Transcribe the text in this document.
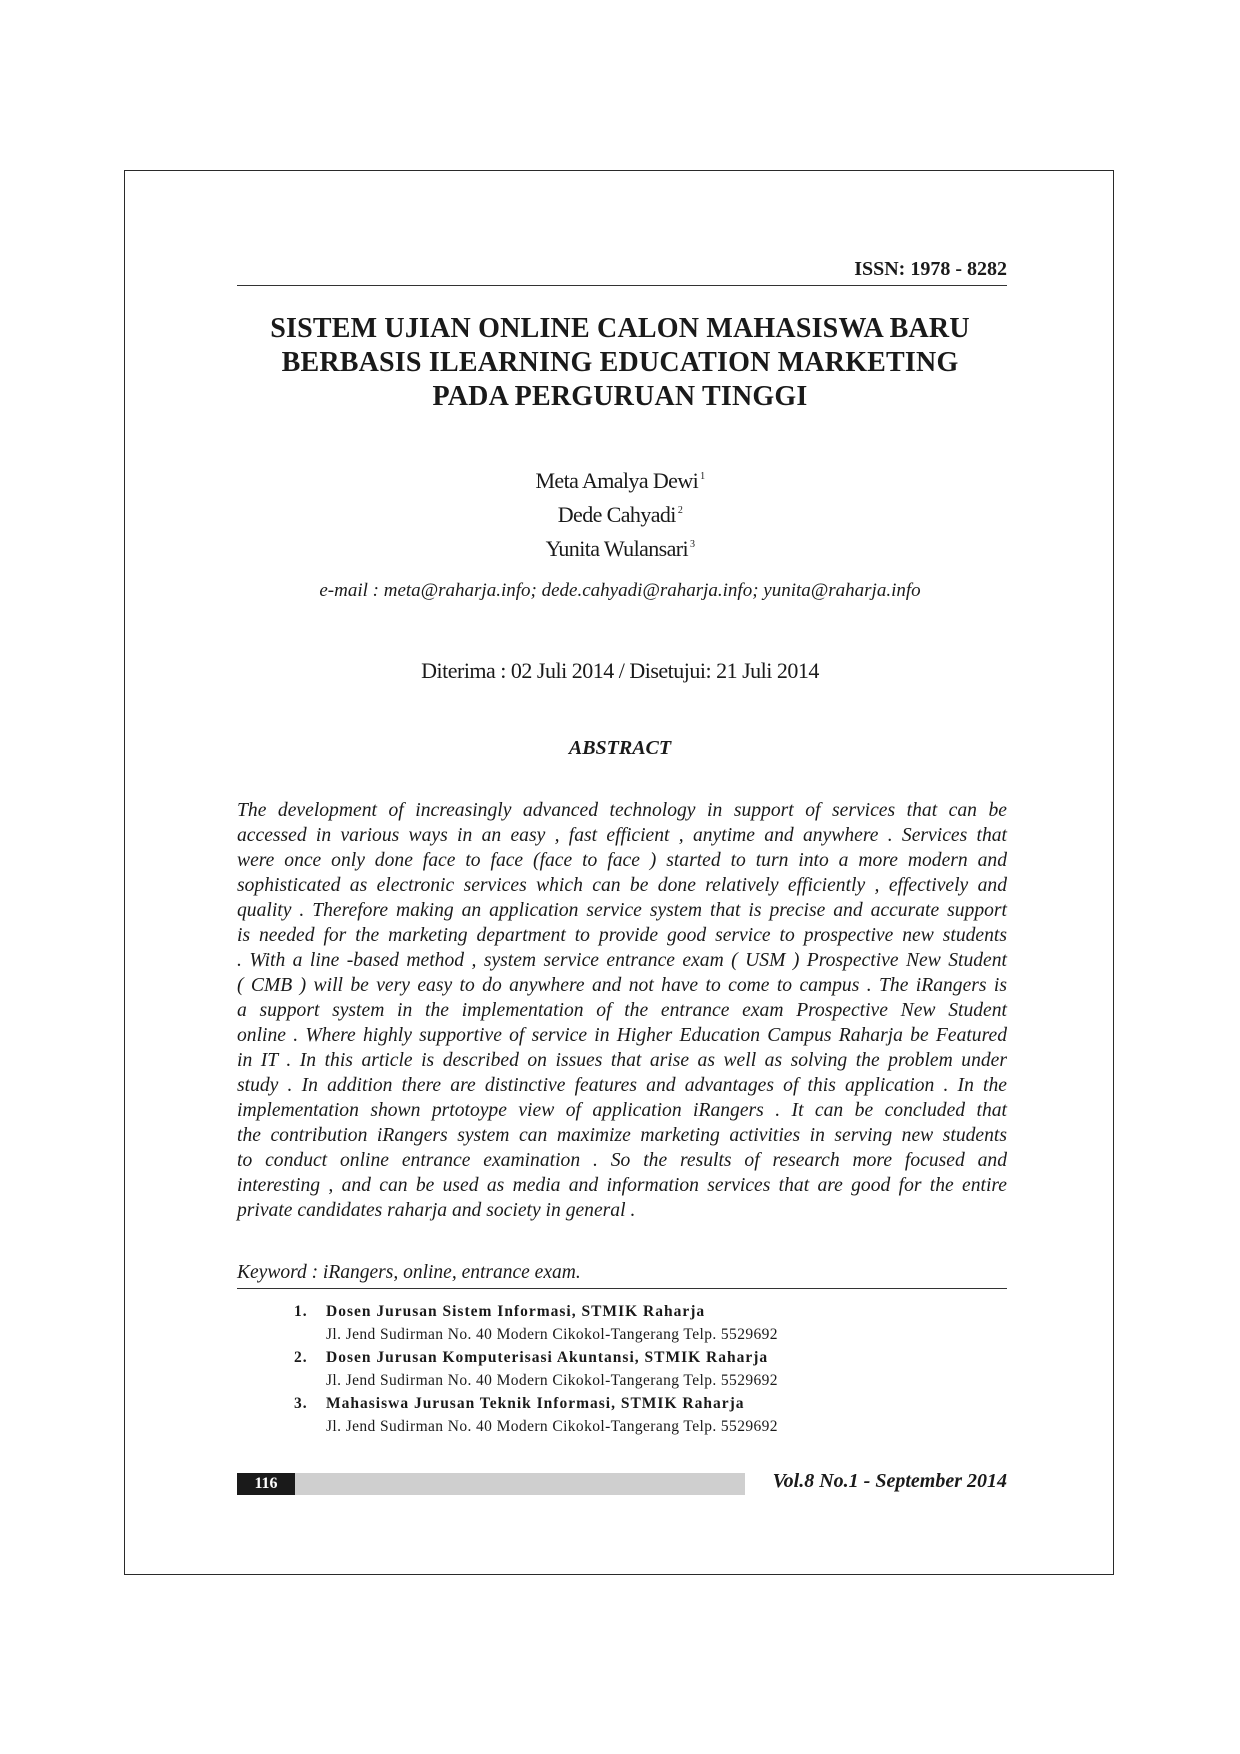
ISSN: 1978 - 8282
SISTEM UJIAN ONLINE CALON MAHASISWA BARU
BERBASIS ILEARNING EDUCATION MARKETING
PADA PERGURUAN TINGGI
Meta Amalya Dewi $^1$
Dede Cahyadi $^2$
Yunita Wulansari $^3$
e-mail : meta@raharja.info; dede.cahyadi@raharja.info; yunita@raharja.info
Diterima : 02 Juli 2014 / Disetujui: 21 Juli 2014
ABSTRACT
The development of increasingly advanced technology in support of services that can be
accessed in various ways in an easy , fast efficient , anytime and anywhere . Services that
were once only done face to face (face to face ) started to turn into a more modern and
sophisticated as electronic services which can be done relatively efficiently , effectively and
quality . Therefore making an application service system that is precise and accurate support
is needed for the marketing department to provide good service to prospective new students
. With a line -based method , system service entrance exam ( USM ) Prospective New Student
( CMB ) will be very easy to do anywhere and not have to come to campus . The iRangers is
a support system in the implementation of the entrance exam Prospective New Student
online . Where highly supportive of service in Higher Education Campus Raharja be Featured
in IT . In this article is described on issues that arise as well as solving the problem under
study . In addition there are distinctive features and advantages of this application . In the
implementation shown prtotoype view of application iRangers . It can be concluded that
the contribution iRangers system can maximize marketing activities in serving new students
to conduct online entrance examination . So the results of research more focused and
interesting , and can be used as media and information services that are good for the entire
private candidates raharja and society in general .
Keyword : iRangers, online, entrance exam.
1.	Dosen Jurusan Sistem Informasi, STMIK Raharja
Jl. Jend Sudirman No. 40 Modern Cikokol-Tangerang Telp. 5529692
2.	Dosen Jurusan Komputerisasi Akuntansi, STMIK Raharja
Jl. Jend Sudirman No. 40 Modern Cikokol-Tangerang Telp. 5529692
3.	Mahasiswa Jurusan Teknik Informasi, STMIK Raharja
Jl. Jend Sudirman No. 40 Modern Cikokol-Tangerang Telp. 5529692
116	Vol.8 No.1 - September 2014
